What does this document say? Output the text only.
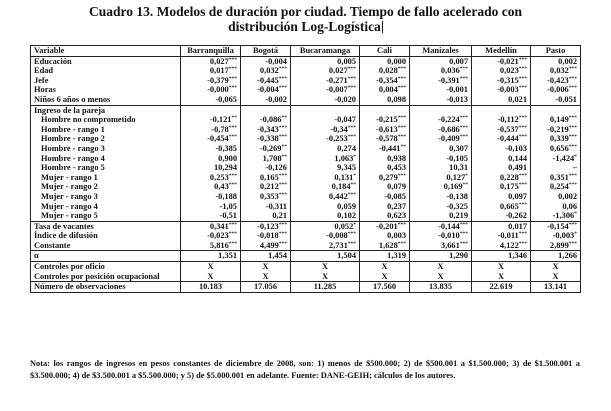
Cuadro 13. Modelos de duración por ciudad. Tiempo de fallo acelerado con
distribución Log-Logística
Variable	Barranquilla	Bogotá	Bucaramanga	Cali	Manizales	Medellín	Pasto
Educación	0,027***	-0,004	0,005	0,000	0,007	-0,021***	0,002
Edad	0,017***	0,032***	0,027***	0,028***	0,036***	0,023***	0,032***
Jefe	-0,379***	-0,445***	-0,271***	-0,354***	-0,391***	-0,315***	-0,423***
Horas	-0,000***	-0,004***	-0,007***	0,004***	-0,001	-0,003***	-0,006***
Niños 6 años o menos	-0,065	-0,002	-0,020	0,098	-0,013	0,021	-0,051
Ingreso de la pareja							
Hombre no comprometido	-0,121**	-0,086**	-0,047	-0,215***	-0,224***	-0,112***	0,149***
Hombre - rango 1	-0,78***	-0,343***	-0,34***	-0,613***	-0,686***	-0,537***	-0,219***
Hombre - rango 2	-0,454***	-0,338***	-0,253***	-0,578***	-0,409***	-0,444***	0,339***
Hombre - rango 3	-0,385	-0,269**	0,274	-0,441**	0,307	-0,103	0,656***
Hombre - rango 4	0,900	1,708**	1,063*	0,938	-0,105	0,144	-1,424*
Hombre - rango 5	10,294	-0,126	9,345	0,453	10,31	0,491	–
Mujer - rango 1	0,253***	0,165***	0,131*	0,279***	0,127*	0,228***	0,351***
Mujer - rango 2	0,43***	0,212***	0,184**	0,079	0,169**	0,175***	0,254***
Mujer - rango 3	-0,188	0,353***	0,442***	-0,085	-0,138	0,097	0,002
Mujer - rango 4	-1,05	-0,311	0,059	0,237	-0,325	0,665***	0,06
Mujer - rango 5	-0,51	0,21	0,102	0,623	0,219	-0,262	-1,306*
Tasa de vacantes	0,341***	-0,123***	0,052*	-0,201***	-0,144***	0,017	-0,154***
Índice de difusión	-0,023***	-0,018***	-0,008***	0,003	-0,010***	-0,011***	-0,003*
Constante	5,816***	4,499***	2,731***	1,628***	3,661***	4,122***	2,899***
α	1,351	1,454	1,504	1,319	1,290	1,346	1,266
Controles por oficio	X	X	X	X	X	X	X
Controles por posición ocupacional	X	X	X	X	X	X	X
Número de observaciones	10.183	17.056	11.285	17.560	13.835	22.619	13.141
Nota: los rangos de ingresos en pesos constantes de diciembre de 2008, son: 1) menos de $500.000; 2) de $500.001 a $1.500.000; 3) de $1.500.001 a $3.500.000; 4) de $3.500.001 a $5.500.000; y 5) de $5.000.001 en adelante. Fuente: DANE-GEIH; cálculos de los autores.
